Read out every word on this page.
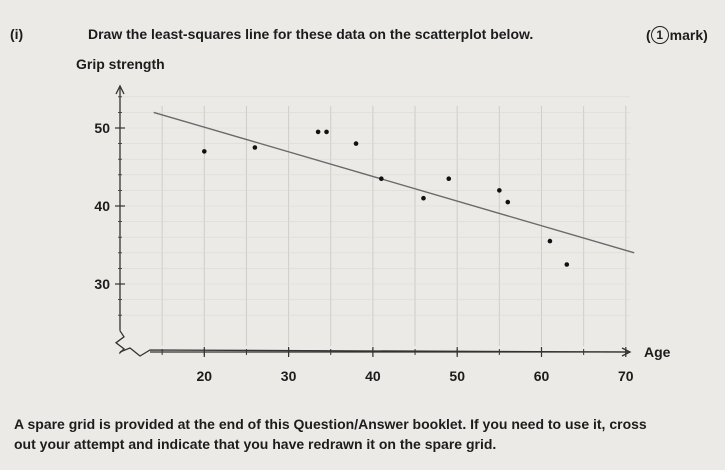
(i)	Draw the least-squares line for these data on the scatterplot below.	( 1 mark)
Grip strength
20	30	40	50	60	70
Age
30
40
50
A spare grid is provided at the end of this Question/Answer booklet. If you need to use it, cross
out your attempt and indicate that you have redrawn it on the spare grid.
